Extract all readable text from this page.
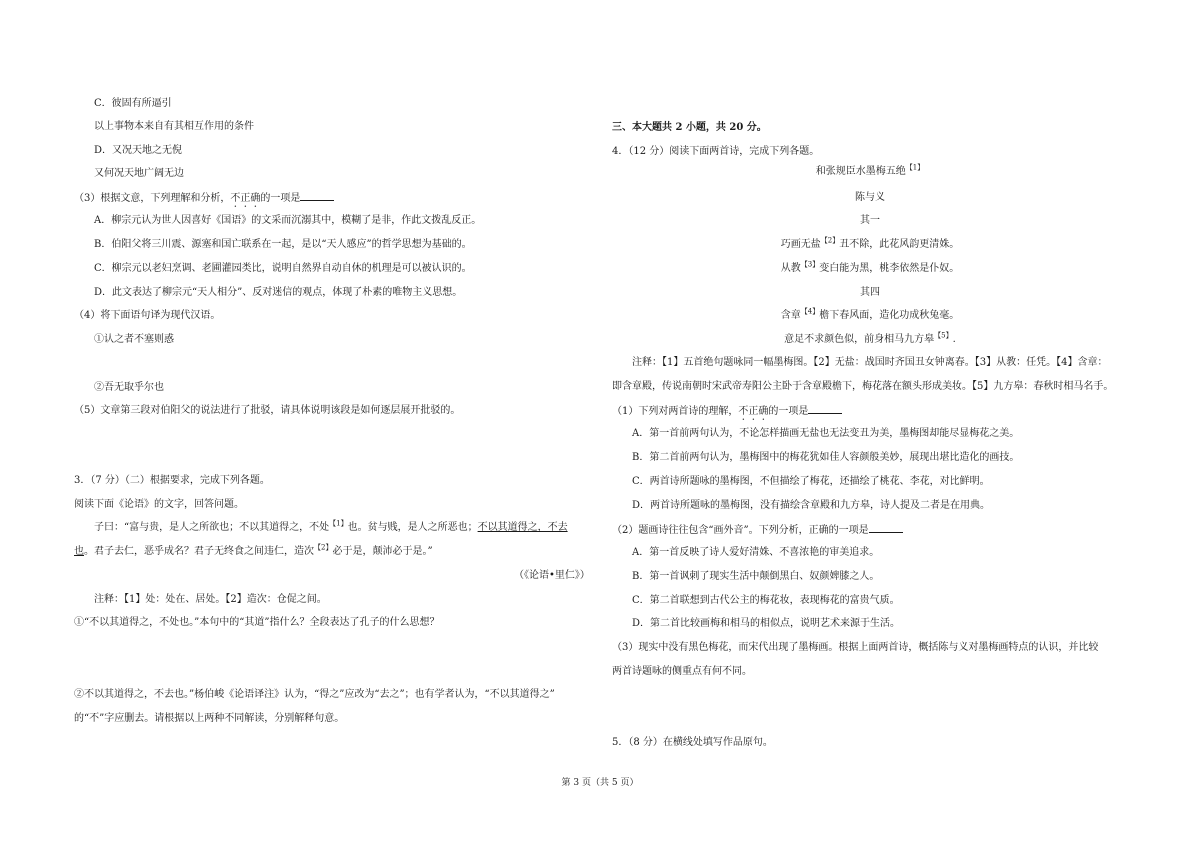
C．彼固有所逼引
以上事物本来自有其相互作用的条件
D．又况天地之无倪
又何况天地广阔无边
（3）根据文意，下列理解和分析，不正确的一项是
A．柳宗元认为世人因喜好《国语》的文采而沉溺其中，模糊了是非，作此文拨乱反正。
B．伯阳父将三川震、源塞和国亡联系在一起，是以“天人感应”的哲学思想为基础的。
C．柳宗元以老妇烹调、老圃灌园类比，说明自然界自动自休的机理是可以被认识的。
D．此文表达了柳宗元“天人相分”、反对迷信的观点，体现了朴素的唯物主义思想。
（4）将下面语句译为现代汉语。
①认之者不塞则惑
②吾无取乎尔也
（5）文章第三段对伯阳父的说法进行了批驳，请具体说明该段是如何逐层展开批驳的。
3．（7 分）（二）根据要求，完成下列各题。
阅读下面《论语》的文字，回答问题。
子曰：“富与贵，是人之所欲也；不以其道得之，不处$^{【1】}$也。贫与贱，是人之所恶也；不以其道得之，不去
也。君子去仁，恶乎成名？君子无终食之间违仁，造次$^{【2】}$必于是，颠沛必于是。”
（《论语•里仁》）
注释：【1】处：处在、居处。【2】造次：仓促之间。
①“不以其道得之，不处也。”本句中的“其道”指什么？全段表达了孔子的什么思想？
②不以其道得之，不去也。”杨伯峻《论语译注》认为，“得之”应改为“去之”；也有学者认为，“不以其道得之”
的“不”字应删去。请根据以上两种不同解读，分别解释句意。
三、本大题共 2 小题，共 20 分。
4．（12 分）阅读下面两首诗，完成下列各题。
和张规臣水墨梅五绝$^{【1】}$
陈与义
其一
巧画无盐$^{【2】}$丑不除，此花风韵更清姝。
从教$^{【3】}$变白能为黑，桃李依然是仆奴。
其四
含章$^{【4】}$檐下春风面，造化功成秋兔毫。
意足不求颜色似，前身相马九方皋$^{【5】}$.
注释：【1】五首绝句题咏同一幅墨梅图。【2】无盐：战国时齐国丑女钟离春。【3】从教：任凭。【4】含章：
即含章殿，传说南朝时宋武帝寿阳公主卧于含章殿檐下，梅花落在额头形成美妆。【5】九方皋：春秋时相马名手。
（1）下列对两首诗的理解，不正确的一项是
A．第一首前两句认为，不论怎样描画无盐也无法变丑为美，墨梅图却能尽显梅花之美。
B．第二首前两句认为，墨梅图中的梅花犹如佳人容颜般美妙，展现出堪比造化的画技。
C．两首诗所题咏的墨梅图，不但描绘了梅花，还描绘了桃花、李花，对比鲜明。
D．两首诗所题咏的墨梅图，没有描绘含章殿和九方皋，诗人提及二者是在用典。
（2）题画诗往往包含“画外音”。下列分析，正确的一项是
A．第一首反映了诗人爱好清姝、不喜浓艳的审美追求。
B．第一首讽刺了现实生活中颠倒黑白、奴颜婢膝之人。
C．第二首联想到古代公主的梅花妆，表现梅花的富贵气质。
D．第二首比较画梅和相马的相似点，说明艺术来源于生活。
（3）现实中没有黑色梅花，而宋代出现了墨梅画。根据上面两首诗，概括陈与义对墨梅画特点的认识，并比较
两首诗题咏的侧重点有何不同。
5．（8 分）在横线处填写作品原句。
第 3 页（共 5 页）
